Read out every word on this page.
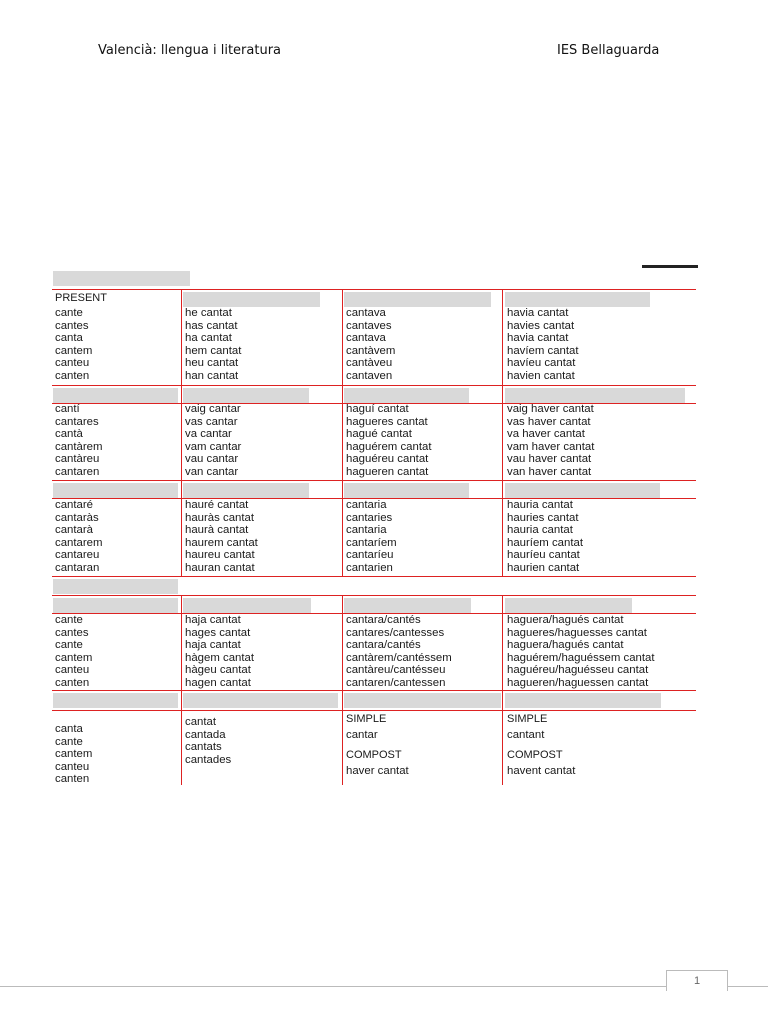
Valencià: llengua i literatura	IES Bellaguarda
PRESENT
cante
cantes
canta
cantem
canteu
canten
he cantat
has cantat
ha cantat
hem cantat
heu cantat
han cantat
cantava
cantaves
cantava
cantàvem
cantàveu
cantaven
havia cantat
havies cantat
havia cantat
havíem cantat
havíeu cantat
havien cantat
cantí
cantares
cantà
cantàrem
cantàreu
cantaren
vaig cantar
vas cantar
va cantar
vam cantar
vau cantar
van cantar
haguí cantat
hagueres cantat
hagué cantat
haguérem cantat
haguéreu cantat
hagueren cantat
vaig haver cantat
vas haver cantat
va haver cantat
vam haver cantat
vau haver cantat
van haver cantat
cantaré
cantaràs
cantarà
cantarem
cantareu
cantaran
hauré cantat
hauràs cantat
haurà cantat
haurem cantat
haureu cantat
hauran cantat
cantaria
cantaries
cantaria
cantaríem
cantaríeu
cantarien
hauria cantat
hauries cantat
hauria cantat
hauríem cantat
hauríeu cantat
haurien cantat
cante
cantes
cante
cantem
canteu
canten
haja cantat
hages cantat
haja cantat
hàgem cantat
hàgeu cantat
hagen cantat
cantara/cantés
cantares/cantesses
cantara/cantés
cantàrem/cantéssem
cantàreu/cantésseu
cantaren/cantessen
haguera/hagués cantat
hagueres/haguesses cantat
haguera/hagués cantat
haguérem/haguéssem cantat
haguéreu/haguésseu cantat
hagueren/haguessen cantat
canta
cante
cantem
canteu
canten
cantat
cantada
cantats
cantades
SIMPLE
cantar
COMPOST
haver cantat
SIMPLE
cantant
COMPOST
havent cantat
1
